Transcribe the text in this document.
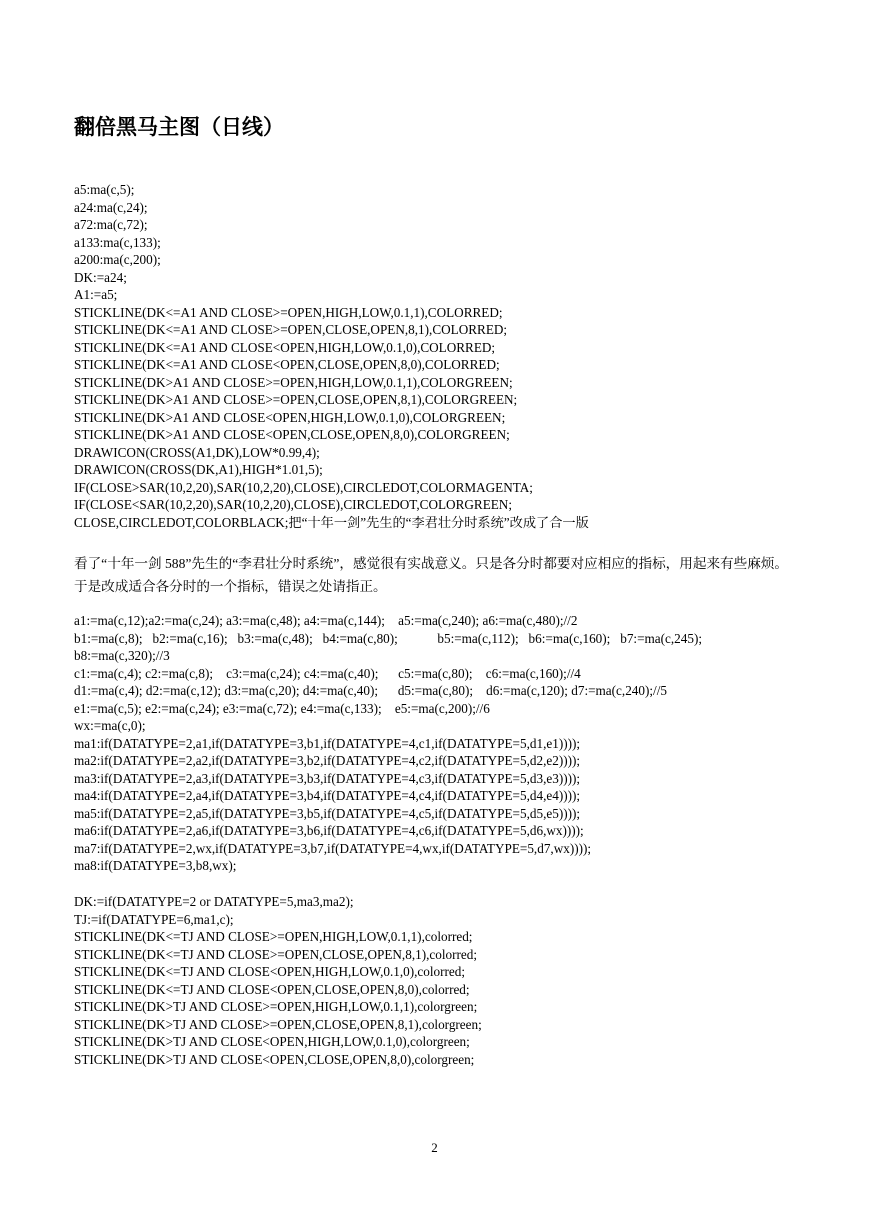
翻倍黑马主图（日线）
a5:ma(c,5);
a24:ma(c,24);
a72:ma(c,72);
a133:ma(c,133);
a200:ma(c,200);
DK:=a24;
A1:=a5;
STICKLINE(DK<=A1 AND CLOSE>=OPEN,HIGH,LOW,0.1,1),COLORRED;
STICKLINE(DK<=A1 AND CLOSE>=OPEN,CLOSE,OPEN,8,1),COLORRED;
STICKLINE(DK<=A1 AND CLOSE<OPEN,HIGH,LOW,0.1,0),COLORRED;
STICKLINE(DK<=A1 AND CLOSE<OPEN,CLOSE,OPEN,8,0),COLORRED;
STICKLINE(DK>A1 AND CLOSE>=OPEN,HIGH,LOW,0.1,1),COLORGREEN;
STICKLINE(DK>A1 AND CLOSE>=OPEN,CLOSE,OPEN,8,1),COLORGREEN;
STICKLINE(DK>A1 AND CLOSE<OPEN,HIGH,LOW,0.1,0),COLORGREEN;
STICKLINE(DK>A1 AND CLOSE<OPEN,CLOSE,OPEN,8,0),COLORGREEN;
DRAWICON(CROSS(A1,DK),LOW*0.99,4);
DRAWICON(CROSS(DK,A1),HIGH*1.01,5);
IF(CLOSE>SAR(10,2,20),SAR(10,2,20),CLOSE),CIRCLEDOT,COLORMAGENTA;
IF(CLOSE<SAR(10,2,20),SAR(10,2,20),CLOSE),CIRCLEDOT,COLORGREEN;
CLOSE,CIRCLEDOT,COLORBLACK;把“十年一剑”先生的“李君壮分时系统”改成了合一版
看了“十年一剑 588”先生的“李君壮分时系统”，感觉很有实战意义。只是各分时都要对应相应的指标，用起来有些麻烦。于是改成适合各分时的一个指标，错误之处请指正。
a1:=ma(c,12);a2:=ma(c,24); a3:=ma(c,48); a4:=ma(c,144);    a5:=ma(c,240); a6:=ma(c,480);//2
b1:=ma(c,8);   b2:=ma(c,16);   b3:=ma(c,48);   b4:=ma(c,80);            b5:=ma(c,112);   b6:=ma(c,160);   b7:=ma(c,245);
b8:=ma(c,320);//3
c1:=ma(c,4); c2:=ma(c,8);    c3:=ma(c,24); c4:=ma(c,40);      c5:=ma(c,80);    c6:=ma(c,160);//4
d1:=ma(c,4); d2:=ma(c,12); d3:=ma(c,20); d4:=ma(c,40);      d5:=ma(c,80);    d6:=ma(c,120); d7:=ma(c,240);//5
e1:=ma(c,5); e2:=ma(c,24); e3:=ma(c,72); e4:=ma(c,133);    e5:=ma(c,200);//6
wx:=ma(c,0);
ma1:if(DATATYPE=2,a1,if(DATATYPE=3,b1,if(DATATYPE=4,c1,if(DATATYPE=5,d1,e1))));
ma2:if(DATATYPE=2,a2,if(DATATYPE=3,b2,if(DATATYPE=4,c2,if(DATATYPE=5,d2,e2))));
ma3:if(DATATYPE=2,a3,if(DATATYPE=3,b3,if(DATATYPE=4,c3,if(DATATYPE=5,d3,e3))));
ma4:if(DATATYPE=2,a4,if(DATATYPE=3,b4,if(DATATYPE=4,c4,if(DATATYPE=5,d4,e4))));
ma5:if(DATATYPE=2,a5,if(DATATYPE=3,b5,if(DATATYPE=4,c5,if(DATATYPE=5,d5,e5))));
ma6:if(DATATYPE=2,a6,if(DATATYPE=3,b6,if(DATATYPE=4,c6,if(DATATYPE=5,d6,wx))));
ma7:if(DATATYPE=2,wx,if(DATATYPE=3,b7,if(DATATYPE=4,wx,if(DATATYPE=5,d7,wx))));
ma8:if(DATATYPE=3,b8,wx);
DK:=if(DATATYPE=2 or DATATYPE=5,ma3,ma2);
TJ:=if(DATATYPE=6,ma1,c);
STICKLINE(DK<=TJ AND CLOSE>=OPEN,HIGH,LOW,0.1,1),colorred;
STICKLINE(DK<=TJ AND CLOSE>=OPEN,CLOSE,OPEN,8,1),colorred;
STICKLINE(DK<=TJ AND CLOSE<OPEN,HIGH,LOW,0.1,0),colorred;
STICKLINE(DK<=TJ AND CLOSE<OPEN,CLOSE,OPEN,8,0),colorred;
STICKLINE(DK>TJ AND CLOSE>=OPEN,HIGH,LOW,0.1,1),colorgreen;
STICKLINE(DK>TJ AND CLOSE>=OPEN,CLOSE,OPEN,8,1),colorgreen;
STICKLINE(DK>TJ AND CLOSE<OPEN,HIGH,LOW,0.1,0),colorgreen;
STICKLINE(DK>TJ AND CLOSE<OPEN,CLOSE,OPEN,8,0),colorgreen;
2
